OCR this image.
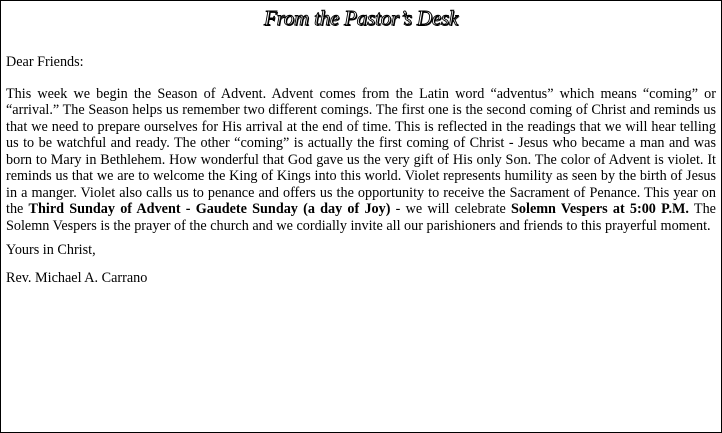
From the Pastor’s Desk
Dear Friends:
This week we begin the Season of Advent. Advent comes from the Latin word “adventus” which means “coming” or “arrival.” The Season helps us remember two different comings. The first one is the second coming of Christ and reminds us that we need to prepare ourselves for His arrival at the end of time. This is reflected in the readings that we will hear telling us to be watchful and ready. The other “coming” is actually the first coming of Christ - Jesus who became a man and was born to Mary in Bethlehem. How wonderful that God gave us the very gift of His only Son. The color of Advent is violet. It reminds us that we are to welcome the King of Kings into this world. Violet represents humility as seen by the birth of Jesus in a manger. Violet also calls us to penance and offers us the opportunity to receive the Sacrament of Penance. This year on the Third Sunday of Advent - Gaudete Sunday (a day of Joy) - we will celebrate Solemn Vespers at 5:00 P.M. The Solemn Vespers is the prayer of the church and we cordially invite all our parishioners and friends to this prayerful moment.
Yours in Christ,
Rev. Michael A. Carrano
